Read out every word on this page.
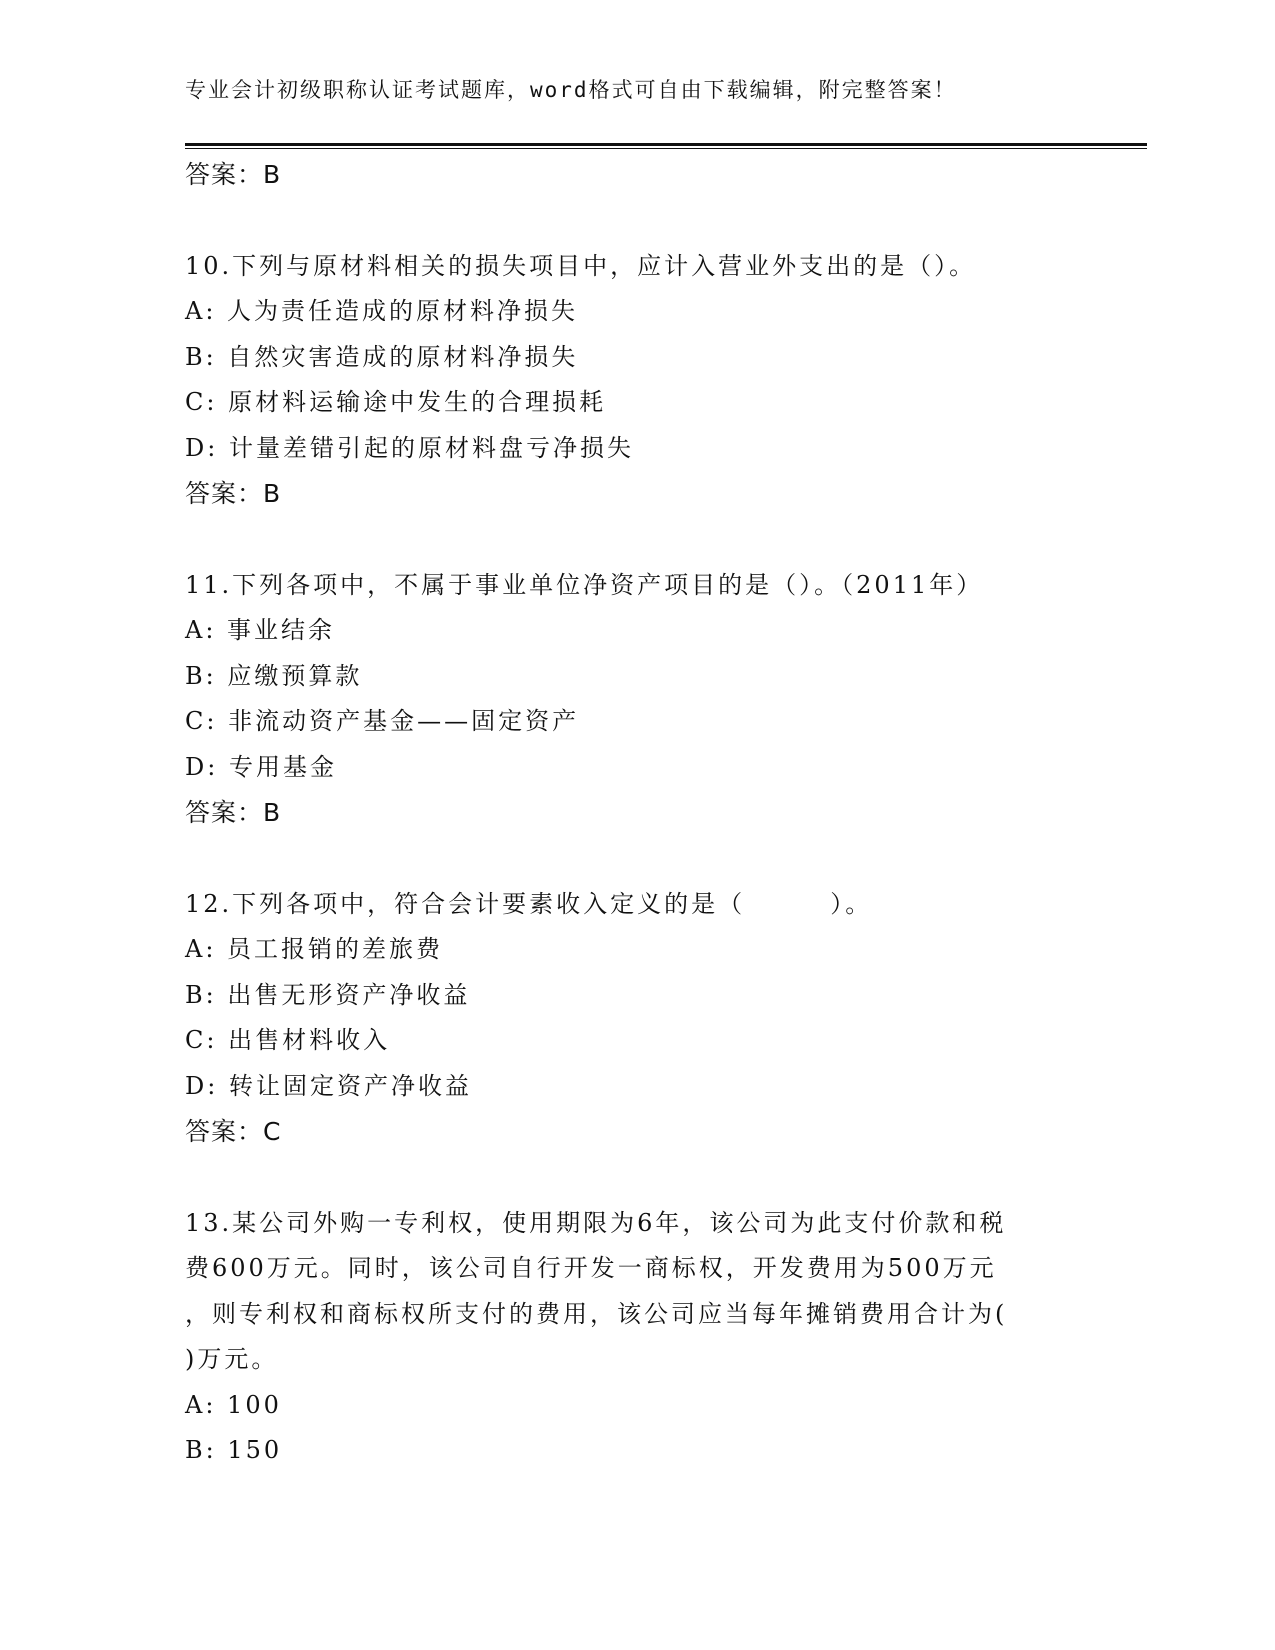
专业会计初级职称认证考试题库，word格式可自由下载编辑，附完整答案！
答案：B
10.下列与原材料相关的损失项目中，应计入营业外支出的是（）。
A: 人为责任造成的原材料净损失
B: 自然灾害造成的原材料净损失
C: 原材料运输途中发生的合理损耗
D: 计量差错引起的原材料盘亏净损失
答案：B
11.下列各项中，不属于事业单位净资产项目的是（）。（2011年）
A: 事业结余
B: 应缴预算款
C: 非流动资产基金——固定资产
D: 专用基金
答案：B
12.下列各项中，符合会计要素收入定义的是（        ）。
A: 员工报销的差旅费
B: 出售无形资产净收益
C: 出售材料收入
D: 转让固定资产净收益
答案：C
13.某公司外购一专利权，使用期限为6年，该公司为此支付价款和税
费600万元。同时，该公司自行开发一商标权，开发费用为500万元
，则专利权和商标权所支付的费用，该公司应当每年摊销费用合计为(
)万元。
A: 100
B: 150
